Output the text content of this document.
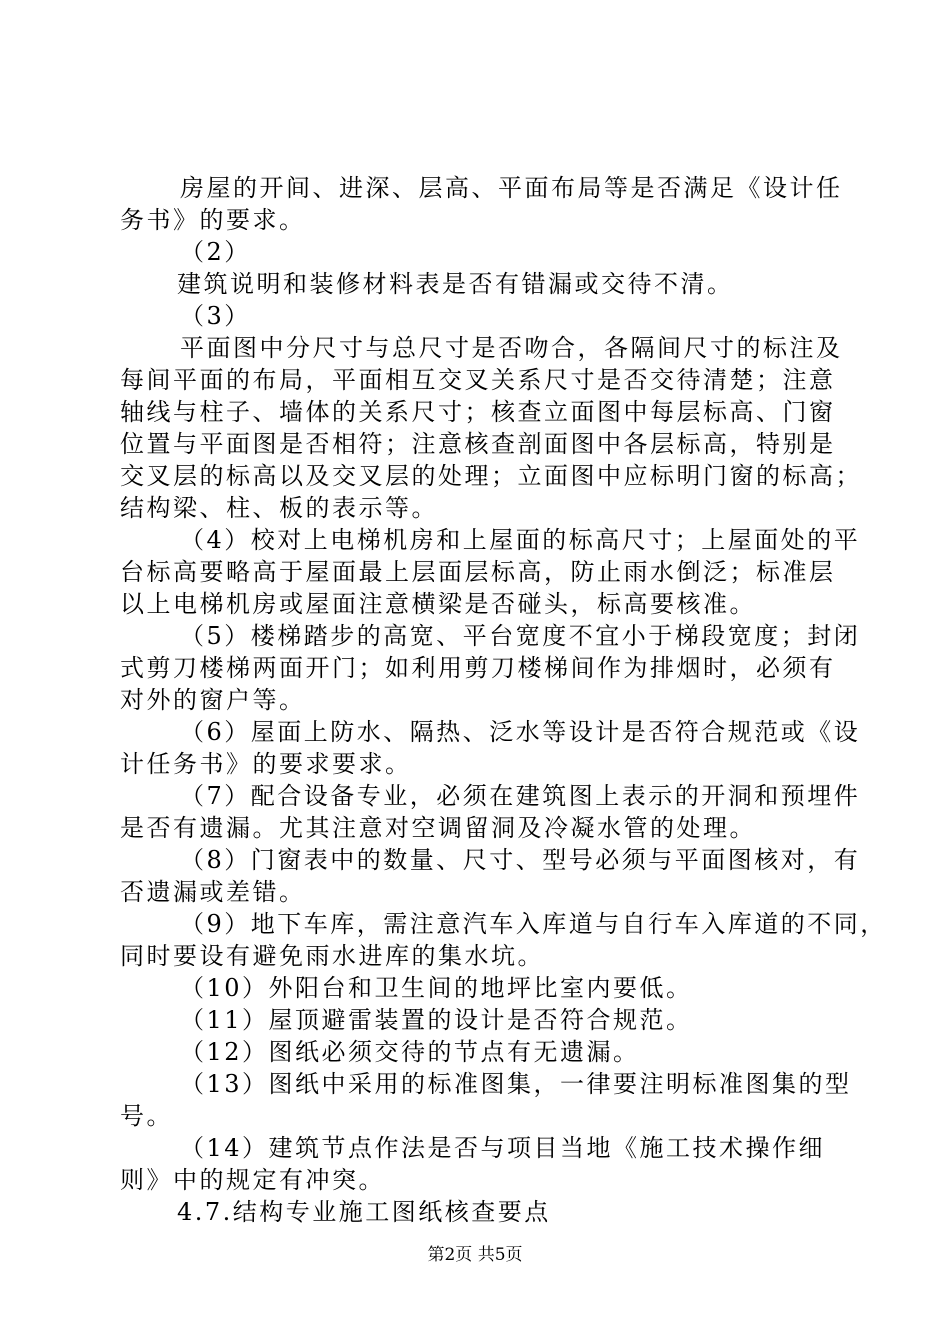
房屋的开间、进深、层高、平面布局等是否满足《设计任
务书》的要求。
（2）
建筑说明和装修材料表是否有错漏或交待不清。
（3）
平面图中分尺寸与总尺寸是否吻合，各隔间尺寸的标注及
每间平面的布局，平面相互交叉关系尺寸是否交待清楚；注意
轴线与柱子、墙体的关系尺寸；核查立面图中每层标高、门窗
位置与平面图是否相符；注意核查剖面图中各层标高，特别是
交叉层的标高以及交叉层的处理；立面图中应标明门窗的标高；
结构梁、柱、板的表示等。
（4）校对上电梯机房和上屋面的标高尺寸；上屋面处的平
台标高要略高于屋面最上层面层标高，防止雨水倒泛；标准层
以上电梯机房或屋面注意横梁是否碰头，标高要核准。
（5）楼梯踏步的高宽、平台宽度不宜小于梯段宽度；封闭
式剪刀楼梯两面开门；如利用剪刀楼梯间作为排烟时，必须有
对外的窗户等。
（6）屋面上防水、隔热、泛水等设计是否符合规范或《设
计任务书》的要求要求。
（7）配合设备专业，必须在建筑图上表示的开洞和预埋件
是否有遗漏。尤其注意对空调留洞及冷凝水管的处理。
（8）门窗表中的数量、尺寸、型号必须与平面图核对，有
否遗漏或差错。
（9）地下车库，需注意汽车入库道与自行车入库道的不同，
同时要设有避免雨水进库的集水坑。
（10）外阳台和卫生间的地坪比室内要低。
（11）屋顶避雷装置的设计是否符合规范。
（12）图纸必须交待的节点有无遗漏。
（13）图纸中采用的标准图集，一律要注明标准图集的型
号。
（14）建筑节点作法是否与项目当地《施工技术操作细
则》中的规定有冲突。
4.7.结构专业施工图纸核查要点
第2页 共5页
